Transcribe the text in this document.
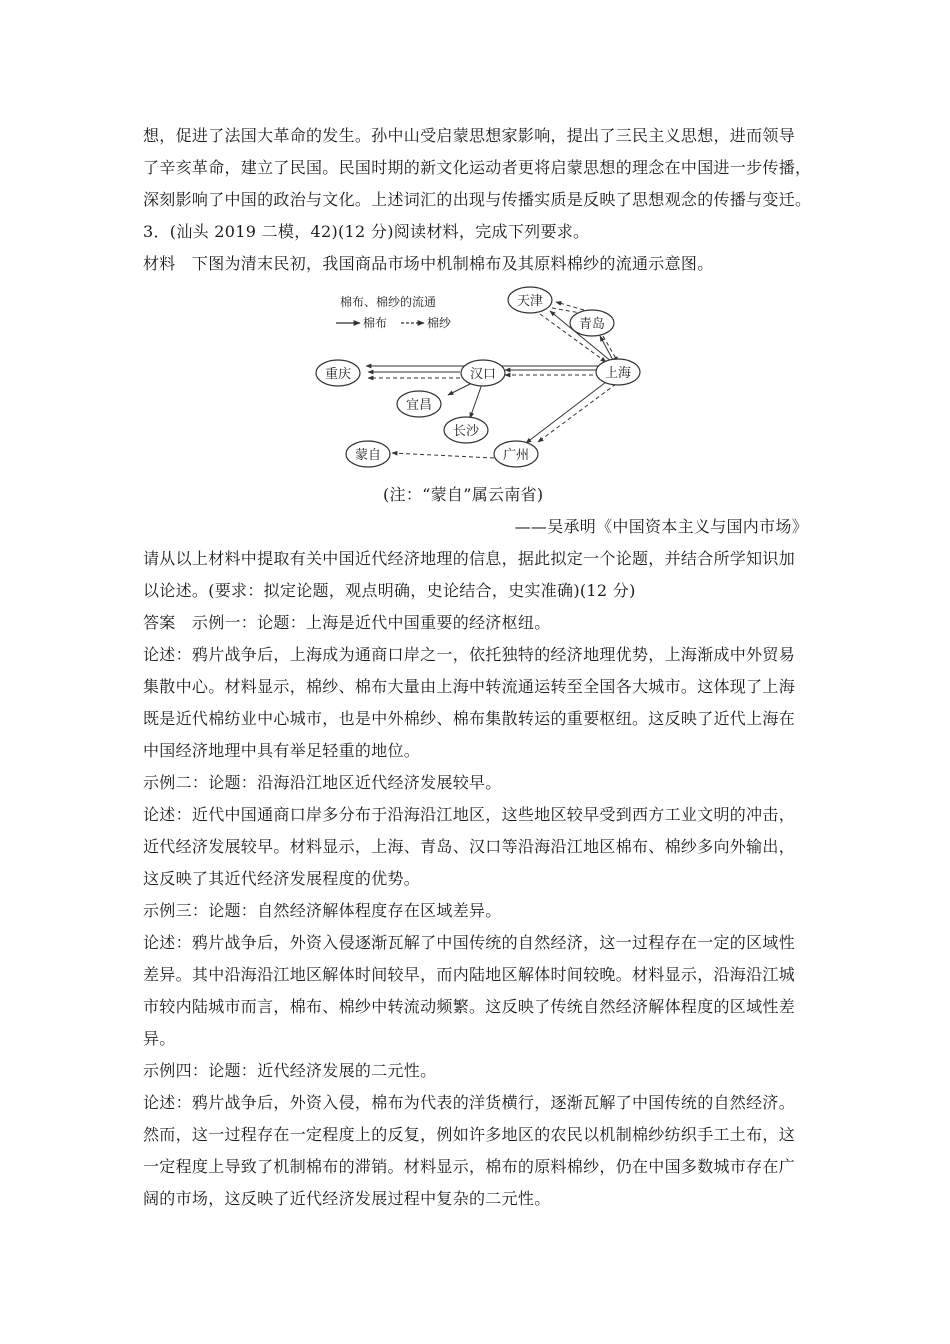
想，促进了法国大革命的发生。孙中山受启蒙思想家影响，提出了三民主义思想，进而领导
了辛亥革命，建立了民国。民国时期的新文化运动者更将启蒙思想的理念在中国进一步传播，
深刻影响了中国的政治与文化。上述词汇的出现与传播实质是反映了思想观念的传播与变迁。
3．(汕头 2019 二模，42)(12 分)阅读材料，完成下列要求。
材料　下图为清末民初，我国商品市场中机制棉布及其原料棉纱的流通示意图。
棉布、棉纱的流通
棉布	棉纱
天津
青岛
上海
汉口
重庆
宜昌
长沙
广州
蒙自
(注：“蒙自”属云南省)
——吴承明《中国资本主义与国内市场》
请从以上材料中提取有关中国近代经济地理的信息，据此拟定一个论题，并结合所学知识加
以论述。(要求：拟定论题，观点明确，史论结合，史实准确)(12 分)
答案　示例一：论题：上海是近代中国重要的经济枢纽。
论述：鸦片战争后，上海成为通商口岸之一，依托独特的经济地理优势，上海渐成中外贸易
集散中心。材料显示，棉纱、棉布大量由上海中转流通运转至全国各大城市。这体现了上海
既是近代棉纺业中心城市，也是中外棉纱、棉布集散转运的重要枢纽。这反映了近代上海在
中国经济地理中具有举足轻重的地位。
示例二：论题：沿海沿江地区近代经济发展较早。
论述：近代中国通商口岸多分布于沿海沿江地区，这些地区较早受到西方工业文明的冲击，
近代经济发展较早。材料显示，上海、青岛、汉口等沿海沿江地区棉布、棉纱多向外输出，
这反映了其近代经济发展程度的优势。
示例三：论题：自然经济解体程度存在区域差异。
论述：鸦片战争后，外资入侵逐渐瓦解了中国传统的自然经济，这一过程存在一定的区域性
差异。其中沿海沿江地区解体时间较早，而内陆地区解体时间较晚。材料显示，沿海沿江城
市较内陆城市而言，棉布、棉纱中转流动频繁。这反映了传统自然经济解体程度的区域性差
异。
示例四：论题：近代经济发展的二元性。
论述：鸦片战争后，外资入侵，棉布为代表的洋货横行，逐渐瓦解了中国传统的自然经济。
然而，这一过程存在一定程度上的反复，例如许多地区的农民以机制棉纱纺织手工土布，这
一定程度上导致了机制棉布的滞销。材料显示，棉布的原料棉纱，仍在中国多数城市存在广
阔的市场，这反映了近代经济发展过程中复杂的二元性。
